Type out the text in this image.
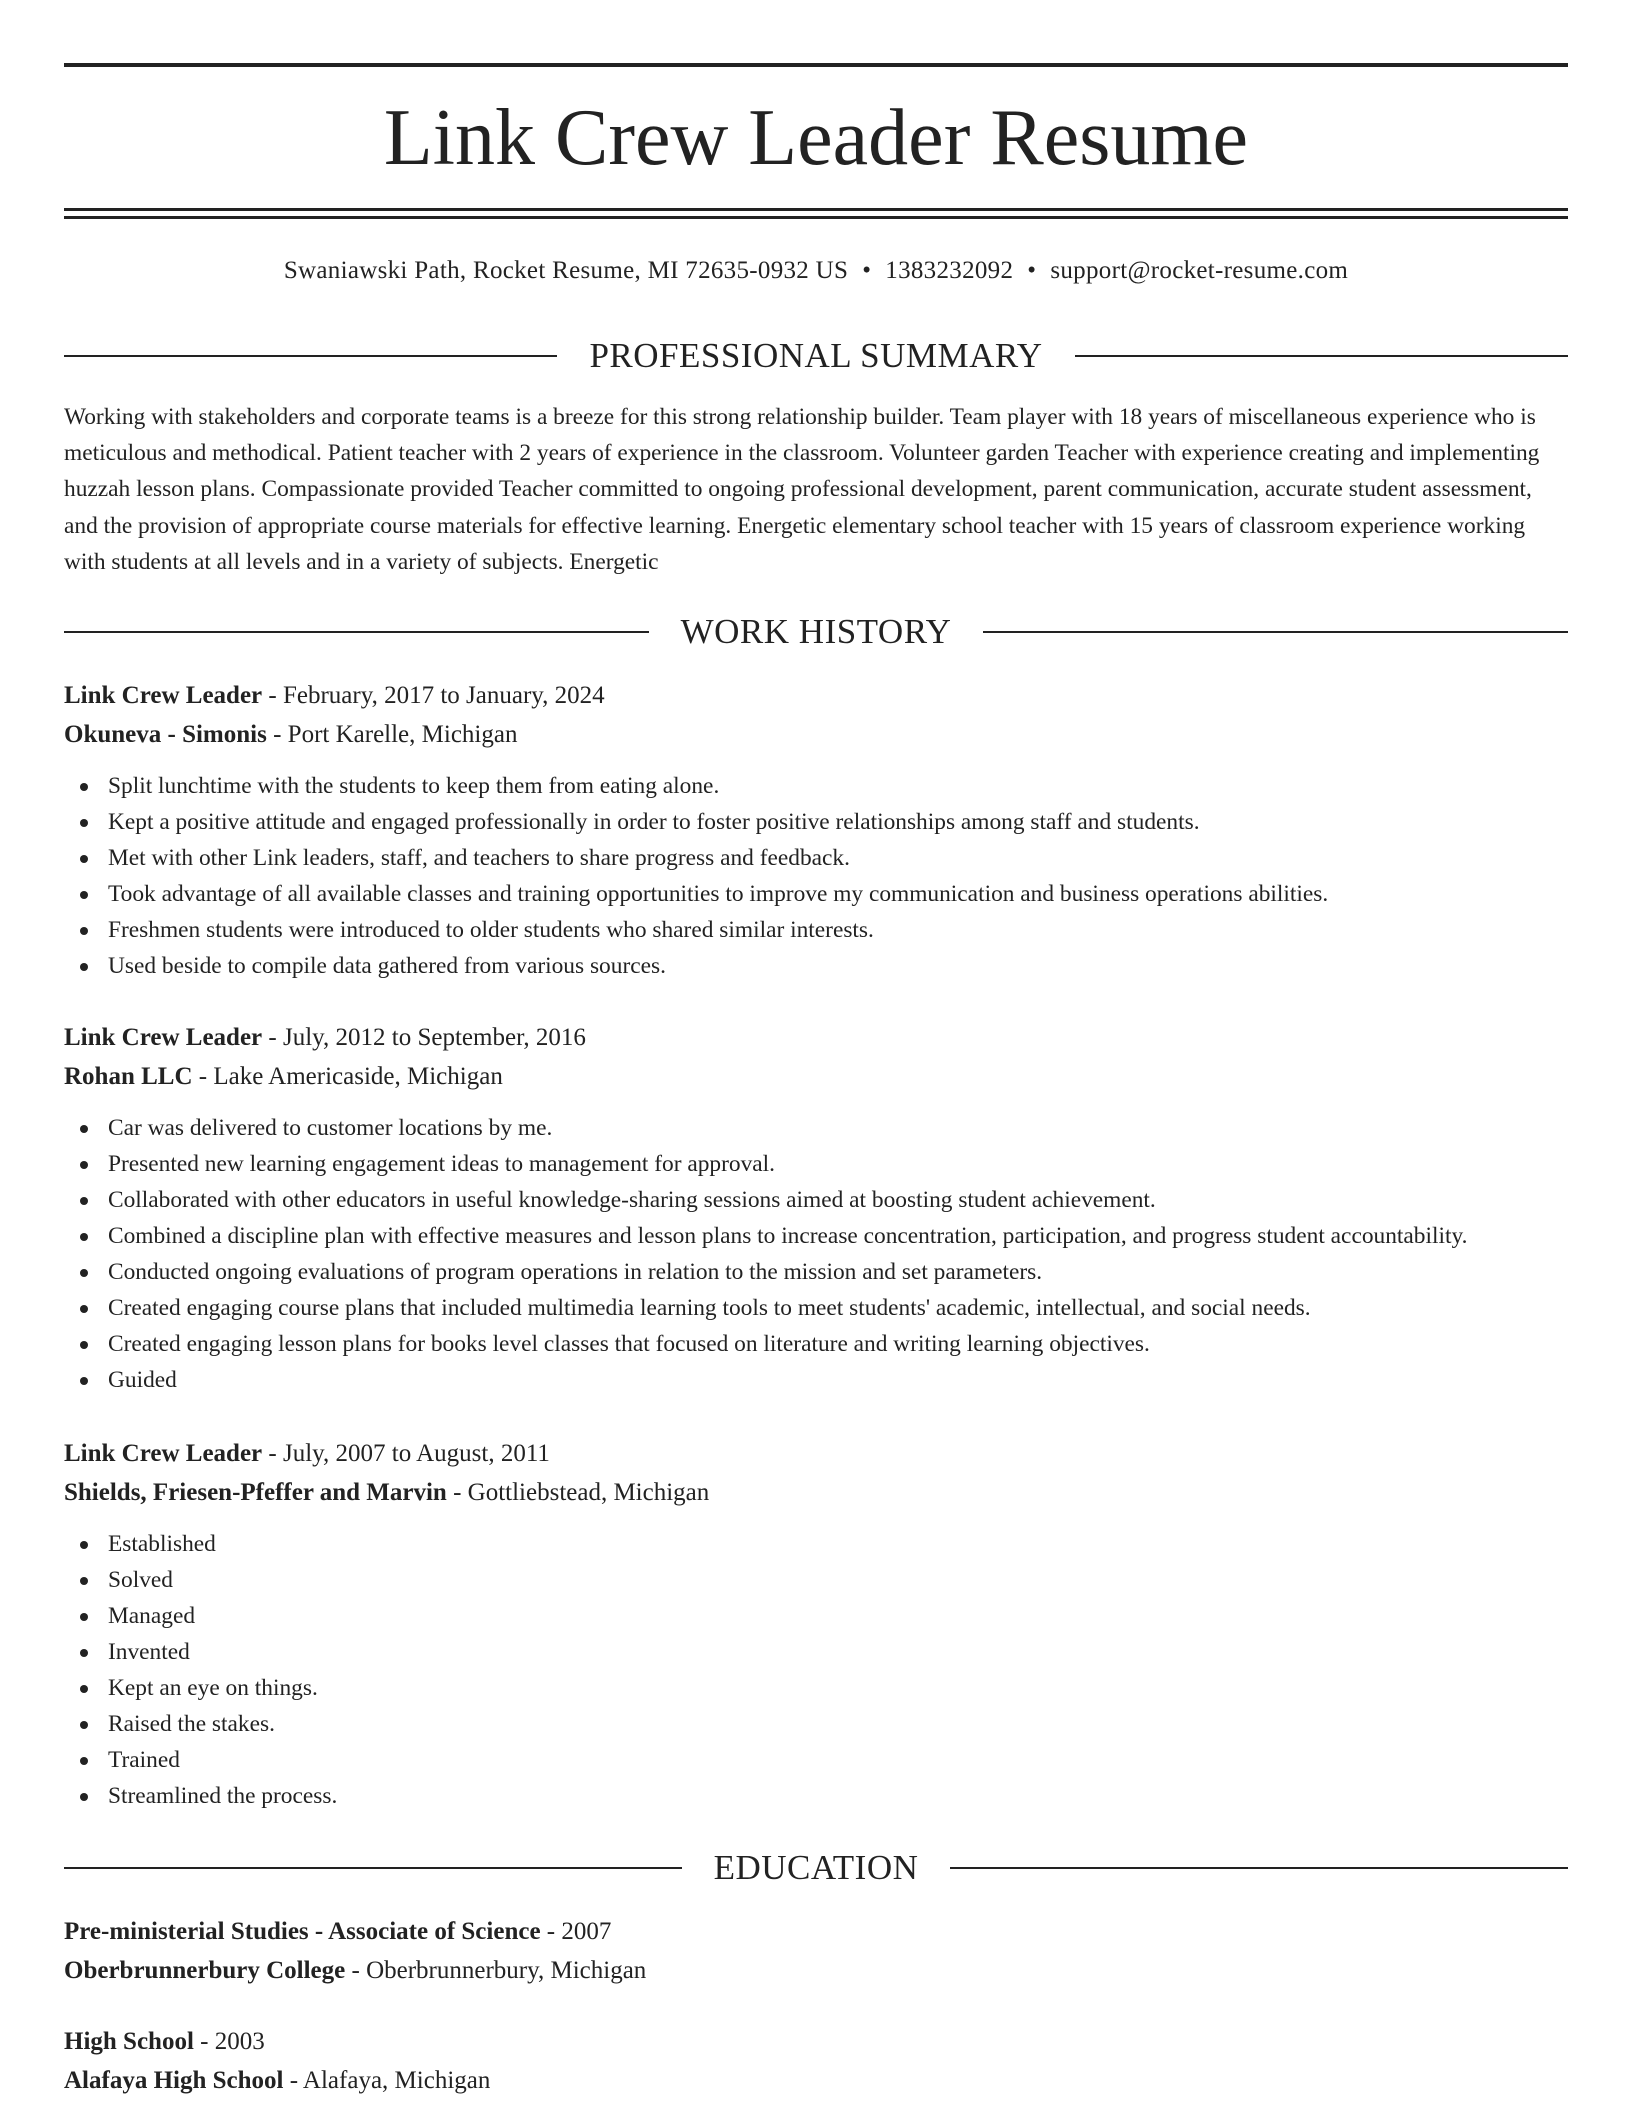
Link Crew Leader Resume
Swaniawski Path, Rocket Resume, MI 72635-0932 US • 1383232092 • support@rocket-resume.com
PROFESSIONAL SUMMARY

Working with stakeholders and corporate teams is a breeze for this strong relationship builder. Team player with 18 years of miscellaneous experience who is meticulous and methodical. Patient teacher with 2 years of experience in the classroom. Volunteer garden Teacher with experience creating and implementing huzzah lesson plans. Compassionate provided Teacher committed to ongoing professional development, parent communication, accurate student assessment, and the provision of appropriate course materials for effective learning. Energetic elementary school teacher with 15 years of classroom experience working with students at all levels and in a variety of subjects. Energetic

WORK HISTORY
Link Crew Leader - February, 2017 to January, 2024
Okuneva - Simonis - Port Karelle, Michigan
Split lunchtime with the students to keep them from eating alone.
Kept a positive attitude and engaged professionally in order to foster positive relationships among staff and students.
Met with other Link leaders, staff, and teachers to share progress and feedback.
Took advantage of all available classes and training opportunities to improve my communication and business operations abilities.
Freshmen students were introduced to older students who shared similar interests.
Used beside to compile data gathered from various sources.
Link Crew Leader - July, 2012 to September, 2016
Rohan LLC - Lake Americaside, Michigan
Car was delivered to customer locations by me.
Presented new learning engagement ideas to management for approval.
Collaborated with other educators in useful knowledge-sharing sessions aimed at boosting student achievement.
Combined a discipline plan with effective measures and lesson plans to increase concentration, participation, and progress student accountability.
Conducted ongoing evaluations of program operations in relation to the mission and set parameters.
Created engaging course plans that included multimedia learning tools to meet students' academic, intellectual, and social needs.
Created engaging lesson plans for books level classes that focused on literature and writing learning objectives.
Guided
Link Crew Leader - July, 2007 to August, 2011
Shields, Friesen-Pfeffer and Marvin - Gottliebstead, Michigan
Established
Solved
Managed
Invented
Kept an eye on things.
Raised the stakes.
Trained
Streamlined the process.
EDUCATION
Pre-ministerial Studies - Associate of Science - 2007
Oberbrunnerbury College - Oberbrunnerbury, Michigan
High School - 2003
Alafaya High School - Alafaya, Michigan
